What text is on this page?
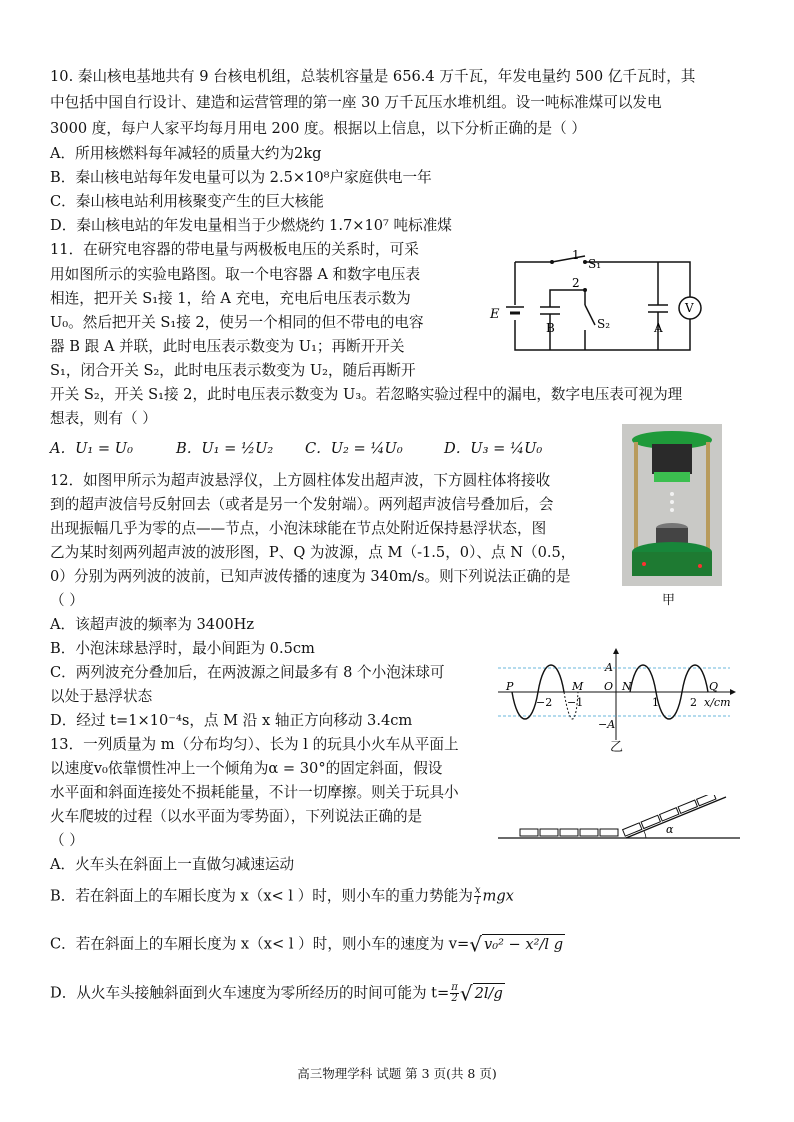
10. 秦山核电基地共有 9 台核电机组，总装机容量是 656.4 万千瓦，年发电量约 500 亿千瓦时，其
中包括中国自行设计、建造和运营管理的第一座 30 万千瓦压水堆机组。设一吨标准煤可以发电
3000 度，每户人家平均每月用电 200 度。根据以上信息，以下分析正确的是（ ）
A．所用核燃料每年减轻的质量大约为2kg
B．秦山核电站每年发电量可以为 2.5×10⁸户家庭供电一年
C．秦山核电站利用核聚变产生的巨大核能
D．秦山核电站的年发电量相当于少燃烧约 1.7×10⁷ 吨标准煤
11．在研究电容器的带电量与两极板电压的关系时，可采
用如图所示的实验电路图。取一个电容器 A 和数字电压表
相连，把开关 S₁接 1，给 A 充电，充电后电压表示数为
U₀。然后把开关 S₁接 2，使另一个相同的但不带电的电容
器 B 跟 A 并联，此时电压表示数变为 U₁；再断开开关
S₁，闭合开关 S₂，此时电压表示数变为 U₂，随后再断开
开关 S₂，开关 S₁接 2，此时电压表示数变为 U₃。若忽略实验过程中的漏电，数字电压表可视为理
想表，则有（ ）
A．U₁ = U₀	B．U₁ = ½U₂ C．U₂ = ¼U₀	D．U₃ = ¼U₀
E
1
2
S₁
S₂
B	A
V
12．如图甲所示为超声波悬浮仪，上方圆柱体发出超声波，下方圆柱体将接收
到的超声波信号反射回去（或者是另一个发射端）。两列超声波信号叠加后，会
出现振幅几乎为零的点——节点，小泡沫球能在节点处附近保持悬浮状态，图
乙为某时刻两列超声波的波形图，P、Q 为波源，点 M（-1.5，0）、点 N（0.5，
0）分别为两列波的波前，已知声波传播的速度为 340m/s。则下列说法正确的是
（ ）
A．该超声波的频率为 3400Hz
B．小泡沫球悬浮时，最小间距为 0.5cm
C．两列波充分叠加后，在两波源之间最多有 8 个小泡沫球可
以处于悬浮状态
D．经过 t=1×10⁻⁴s，点 M 沿 x 轴正方向移动 3.4cm
甲
A
−A
P	Q
M	N
O
x/cm
−2 −1	1	2
乙
13．一列质量为 m（分布均匀）、长为 l 的玩具小火车从平面上
以速度v₀依靠惯性冲上一个倾角为α = 30°的固定斜面，假设
水平面和斜面连接处不损耗能量，不计一切摩擦。则关于玩具小
火车爬坡的过程（以水平面为零势面），下列说法正确的是
（ ）
A．火车头在斜面上一直做匀减速运动
B．若在斜面上的车厢长度为 x（x< l ）时，则小车的重力势能为 $\frac{x}{l}$ mgx
C．若在斜面上的车厢长度为 x（x< l ）时，则小车的速度为 v=√ v₀² − x²/l g
D．从火车头接触斜面到火车速度为零所经历的时间可能为 $t= \frac{\pi}{2}$ √ 2l/g
α
高三物理学科 试题 第 3 页(共 8 页)
